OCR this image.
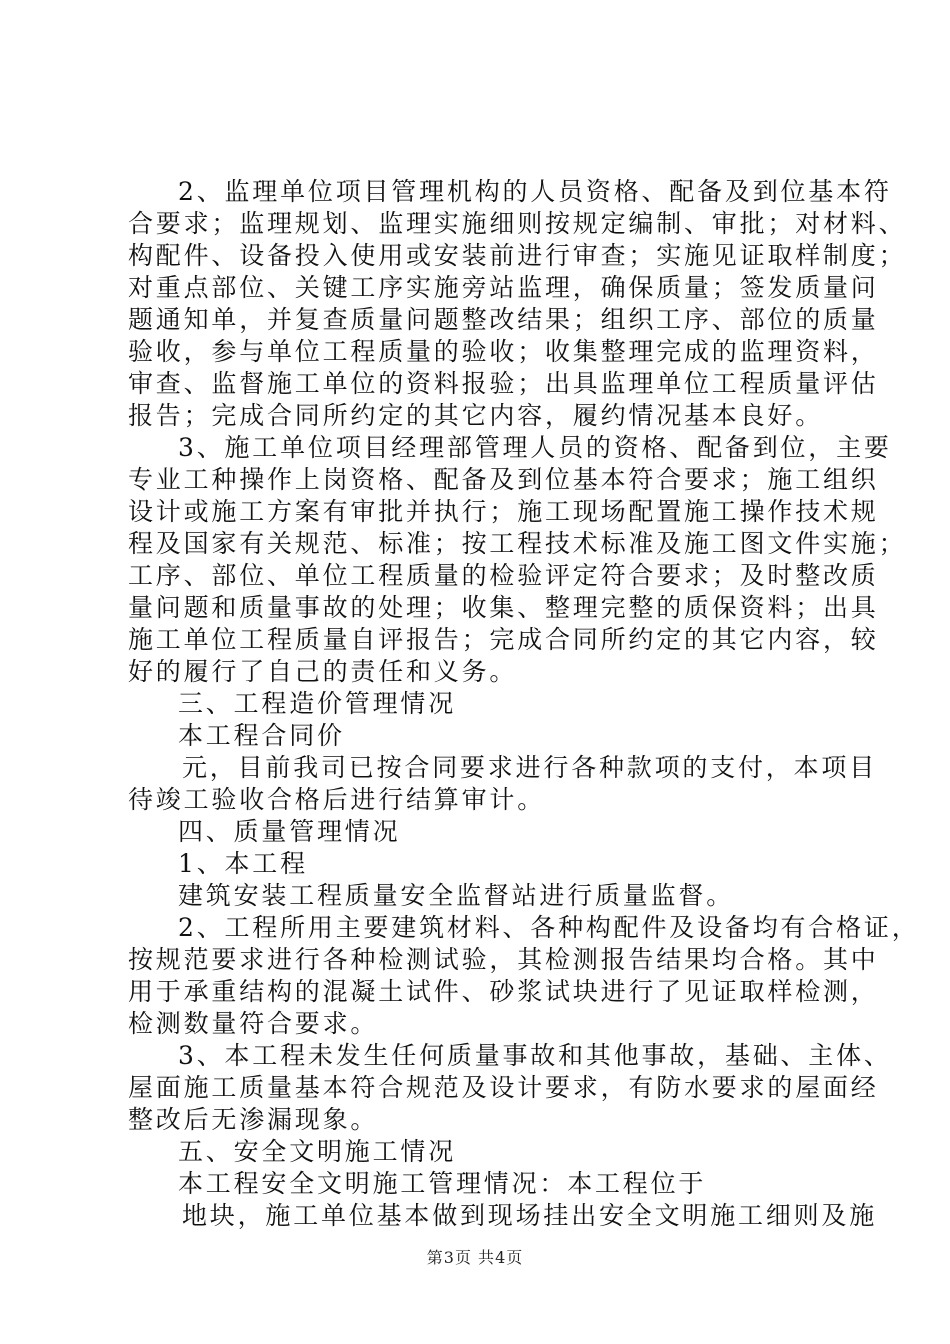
2、监理单位项目管理机构的人员资格、配备及到位基本符
合要求；监理规划、监理实施细则按规定编制、审批；对材料、
构配件、设备投入使用或安装前进行审查；实施见证取样制度；
对重点部位、关键工序实施旁站监理，确保质量；签发质量问
题通知单，并复查质量问题整改结果；组织工序、部位的质量
验收，参与单位工程质量的验收；收集整理完成的监理资料，
审查、监督施工单位的资料报验；出具监理单位工程质量评估
报告；完成合同所约定的其它内容，履约情况基本良好。
3、施工单位项目经理部管理人员的资格、配备到位，主要
专业工种操作上岗资格、配备及到位基本符合要求；施工组织
设计或施工方案有审批并执行；施工现场配置施工操作技术规
程及国家有关规范、标准；按工程技术标准及施工图文件实施；
工序、部位、单位工程质量的检验评定符合要求；及时整改质
量问题和质量事故的处理；收集、整理完整的质保资料；出具
施工单位工程质量自评报告；完成合同所约定的其它内容，较
好的履行了自己的责任和义务。
三、工程造价管理情况
本工程合同价
元，目前我司已按合同要求进行各种款项的支付，本项目
待竣工验收合格后进行结算审计。
四、质量管理情况
1、本工程
建筑安装工程质量安全监督站进行质量监督。
2、工程所用主要建筑材料、各种构配件及设备均有合格证，
按规范要求进行各种检测试验，其检测报告结果均合格。其中
用于承重结构的混凝土试件、砂浆试块进行了见证取样检测，
检测数量符合要求。
3、本工程未发生任何质量事故和其他事故，基础、主体、
屋面施工质量基本符合规范及设计要求，有防水要求的屋面经
整改后无渗漏现象。
五、安全文明施工情况
本工程安全文明施工管理情况：本工程位于
地块，施工单位基本做到现场挂出安全文明施工细则及施
第3页 共4页
